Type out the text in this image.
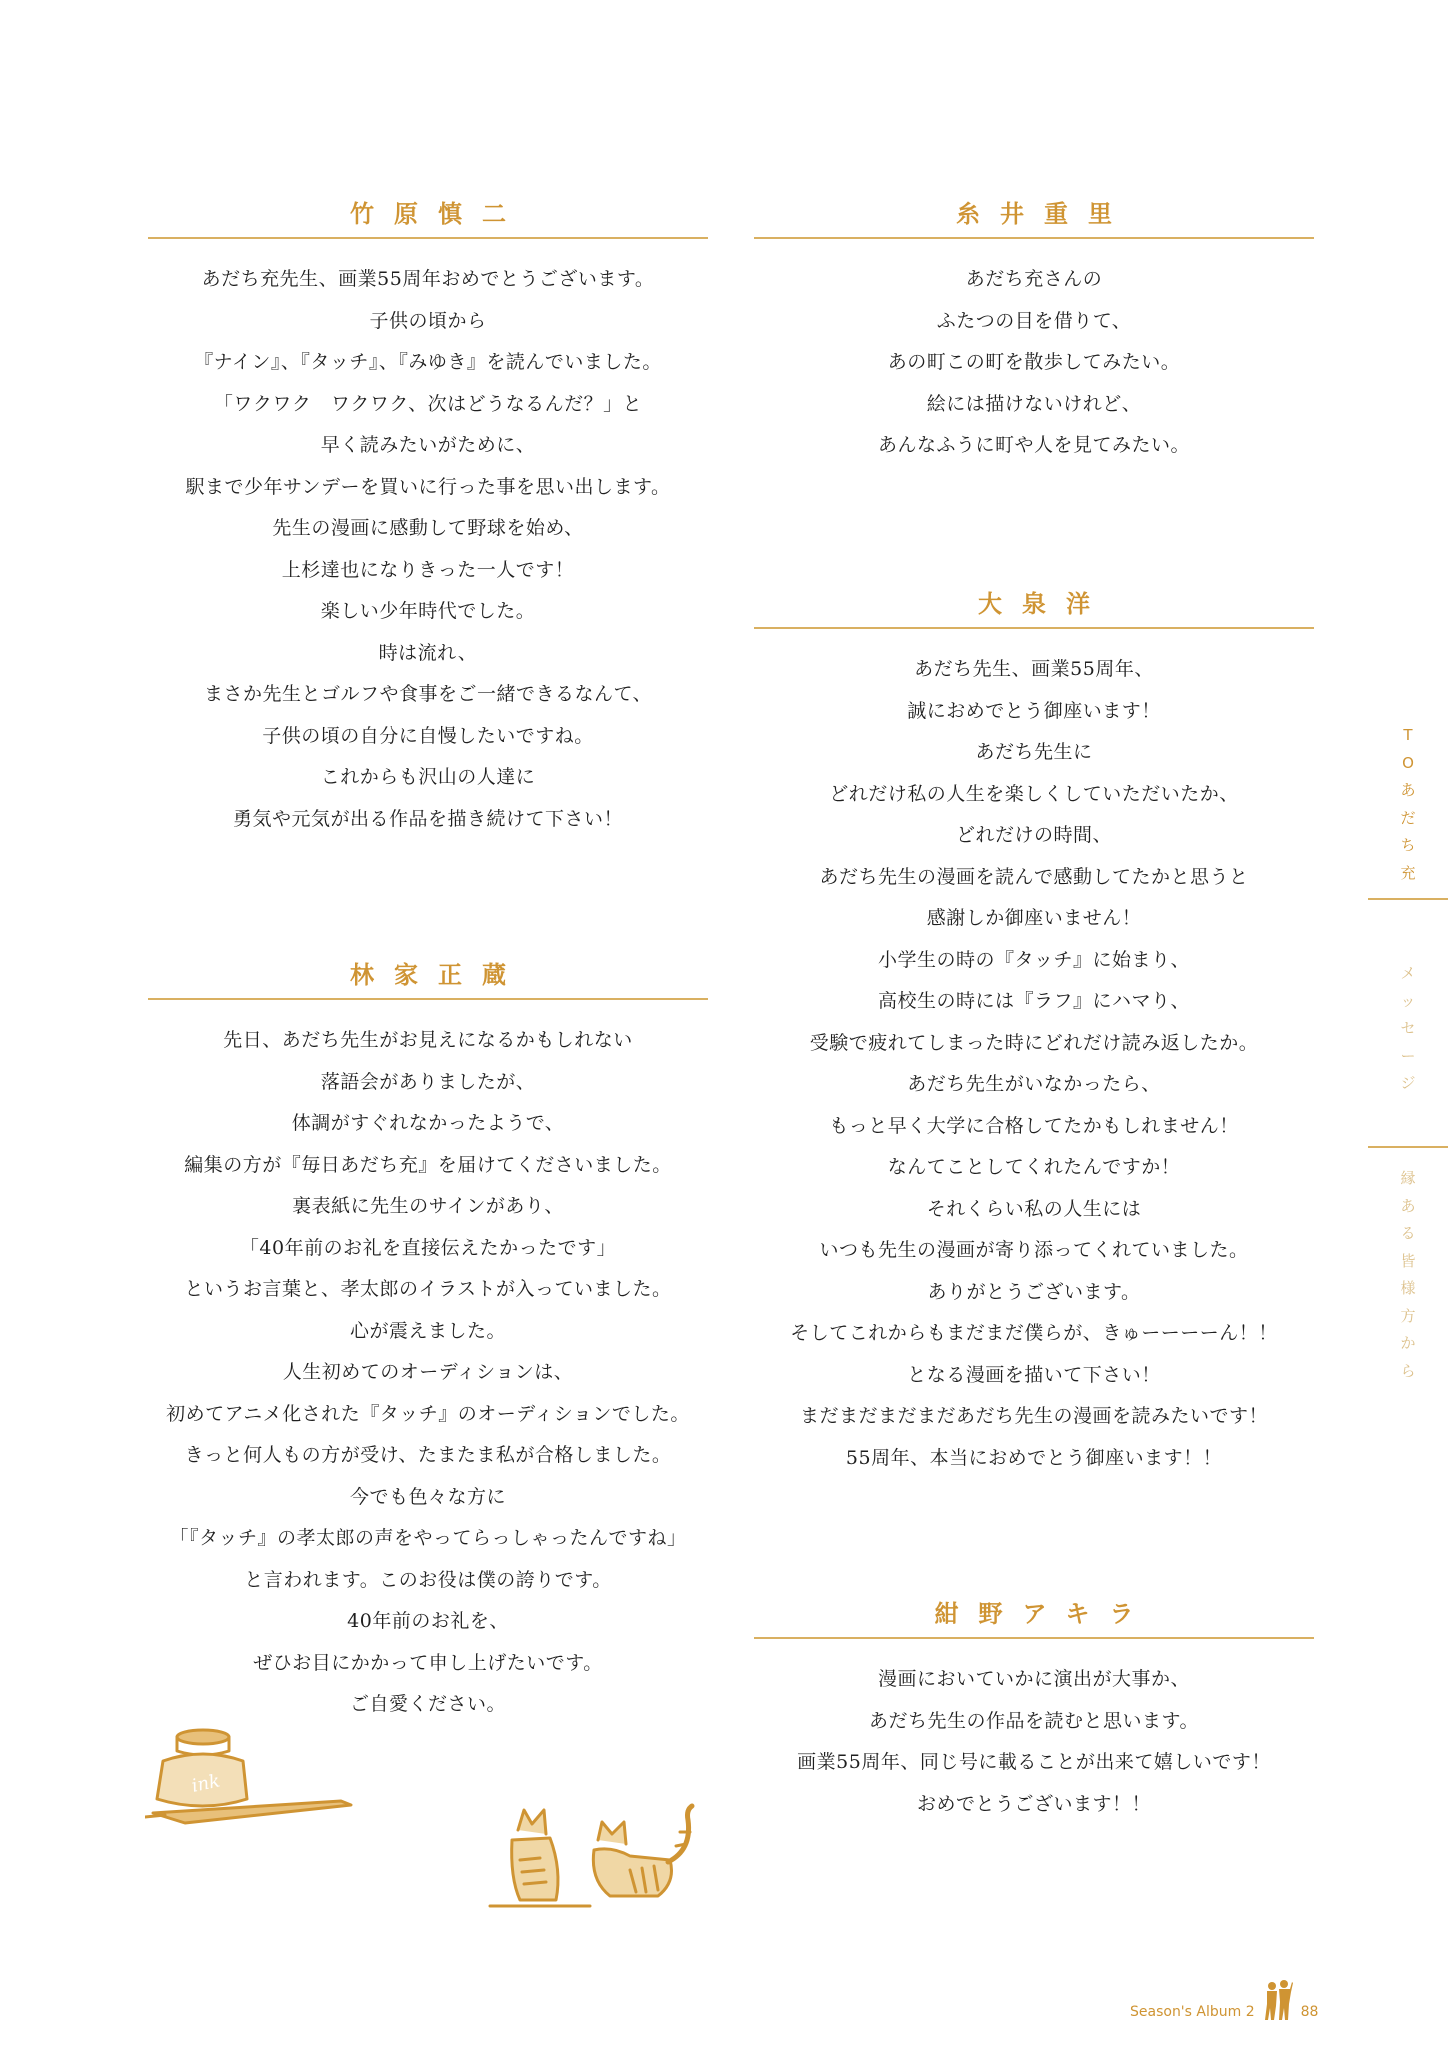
竹原慎二
あだち充先生、画業55周年おめでとうございます。
子供の頃から
『ナイン』、『タッチ』、『みゆき』を読んでいました。
「ワクワク　ワクワク、次はどうなるんだ？」と
早く読みたいがために、
駅まで少年サンデーを買いに行った事を思い出します。
先生の漫画に感動して野球を始め、
上杉達也になりきった一人です！
楽しい少年時代でした。
時は流れ、
まさか先生とゴルフや食事をご一緒できるなんて、
子供の頃の自分に自慢したいですね。
これからも沢山の人達に
勇気や元気が出る作品を描き続けて下さい！
糸井重里
あだち充さんの
ふたつの目を借りて、
あの町この町を散歩してみたい。
絵には描けないけれど、
あんなふうに町や人を見てみたい。
大泉洋
あだち先生、画業55周年、
誠におめでとう御座います！
あだち先生に
どれだけ私の人生を楽しくしていただいたか、
どれだけの時間、
あだち先生の漫画を読んで感動してたかと思うと
感謝しか御座いません！
小学生の時の『タッチ』に始まり、
高校生の時には『ラフ』にハマり、
受験で疲れてしまった時にどれだけ読み返したか。
あだち先生がいなかったら、
もっと早く大学に合格してたかもしれません！
なんてことしてくれたんですか！
それくらい私の人生には
いつも先生の漫画が寄り添ってくれていました。
ありがとうございます。
そしてこれからもまだまだ僕らが、きゅーーーーん！！
となる漫画を描いて下さい！
まだまだまだまだあだち先生の漫画を読みたいです！
55周年、本当におめでとう御座います！！
林家正蔵
先日、あだち先生がお見えになるかもしれない
落語会がありましたが、
体調がすぐれなかったようで、
編集の方が『毎日あだち充』を届けてくださいました。
裏表紙に先生のサインがあり、
「40年前のお礼を直接伝えたかったです」
というお言葉と、孝太郎のイラストが入っていました。
心が震えました。
人生初めてのオーディションは、
初めてアニメ化された『タッチ』のオーディションでした。
きっと何人もの方が受け、たまたま私が合格しました。
今でも色々な方に
「『タッチ』の孝太郎の声をやってらっしゃったんですね」
と言われます。このお役は僕の誇りです。
40年前のお礼を、
ぜひお目にかかって申し上げたいです。
ご自愛ください。
紺野アキラ
漫画においていかに演出が大事か、
あだち先生の作品を読むと思います。
画業55周年、同じ号に載ることが出来て嬉しいです！
おめでとうございます！！
T
O
あ
だ
ち
充
メ
ッ
セ
ー
ジ
縁
あ
る
皆
様
方
か
ら
ink
Season's Album 2	88
